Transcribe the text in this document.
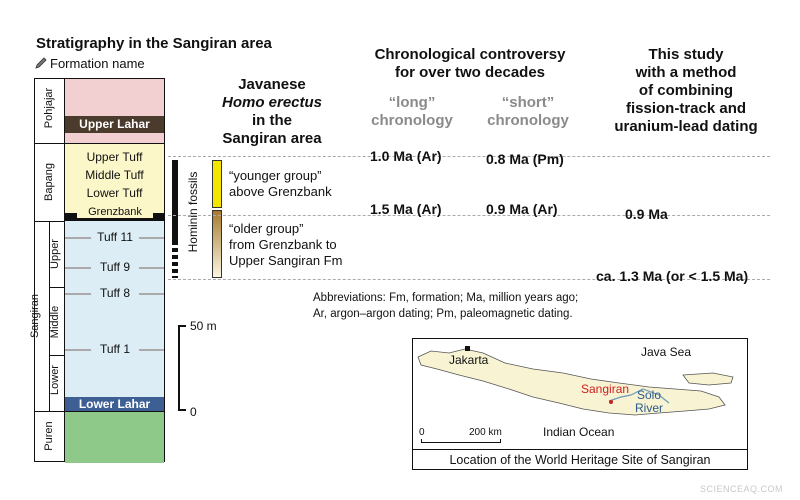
Stratigraphy in the Sangiran area
Formation name
Pohjajar
Bapang
Sangiran
Puren
Upper
Middle
Lower
Upper Lahar
Lower Lahar
Upper Tuff
Middle Tuff
Lower Tuff
Grenzbank
Tuff 11
Tuff 9
Tuff 8
Tuff 1
Hominin fossils
50 m
0
Javanese
Homo erectus
in the
Sangiran area
“younger group”
above Grenzbank
“older group”
from Grenzbank to
Upper Sangiran Fm
Chronological controversy
for over two decades
“long”
chronology
“short”
chronology
1.0 Ma (Ar)	0.8 Ma (Pm)
1.5 Ma (Ar)	0.9 Ma (Ar)
This study
with a method
of combining
fission-track and
uranium-lead dating
0.9 Ma
ca. 1.3 Ma (or < 1.5 Ma)
Abbreviations: Fm, formation; Ma, million years ago;
Ar, argon–argon dating; Pm, paleomagnetic dating.
Jakarta
Java Sea
Sangiran Solo
River
Indian Ocean
0	200 km
Location of the World Heritage Site of Sangiran
SCIENCEAQ.COM
